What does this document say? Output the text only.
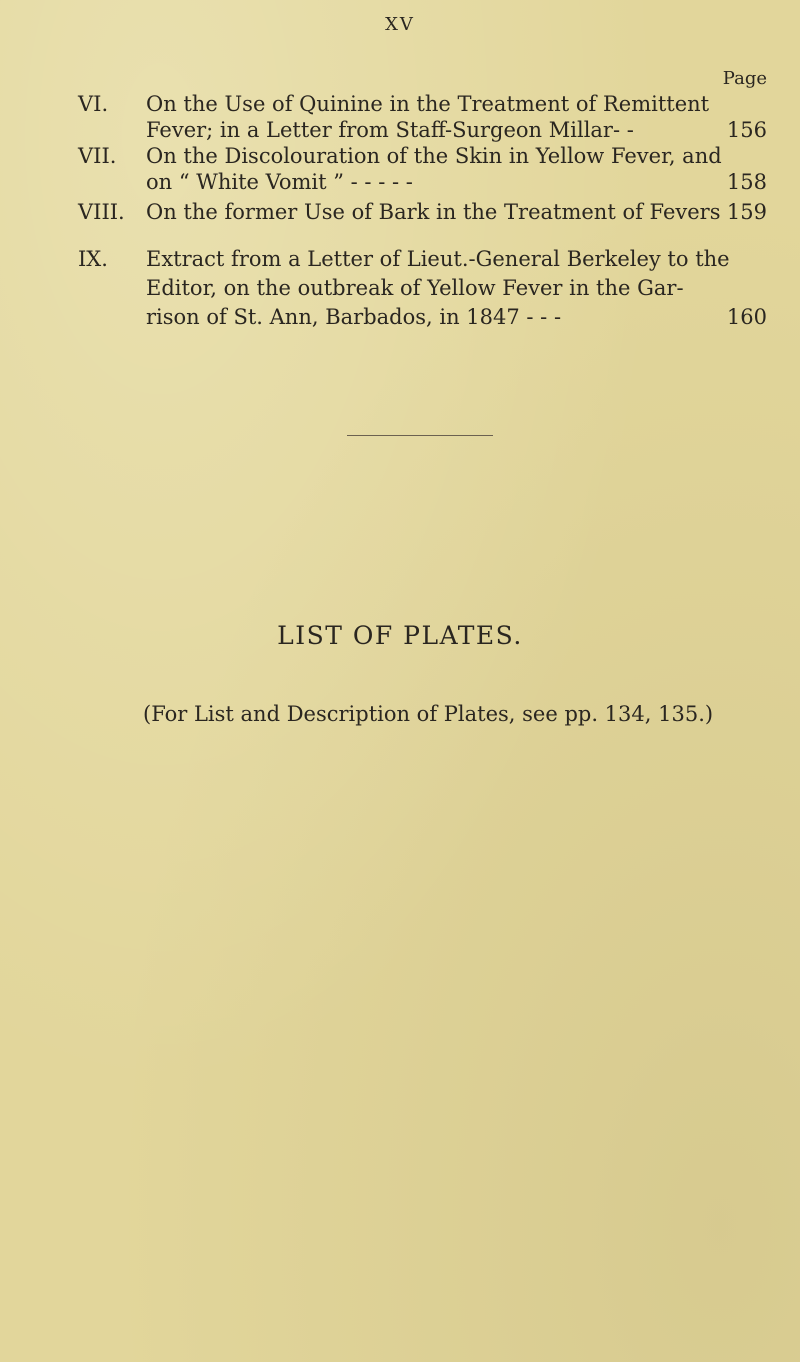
XV
Page
VI.	On the Use of Quinine in the Treatment of Remittent
Fever; in a Letter from Staff-Surgeon Millar- -	156
VII.	On the Discolouration of the Skin in Yellow Fever, and
on “ White Vomit ” - - - - -	158
VIII.	On the former Use of Bark in the Treatment of Fevers 159
IX.	Extract from a Letter of Lieut.-General Berkeley to the
Editor, on the outbreak of Yellow Fever in the Gar-
rison of St. Ann, Barbados, in 1847 - - -	160
LIST OF PLATES.
(For List and Description of Plates, see pp. 134, 135.)
